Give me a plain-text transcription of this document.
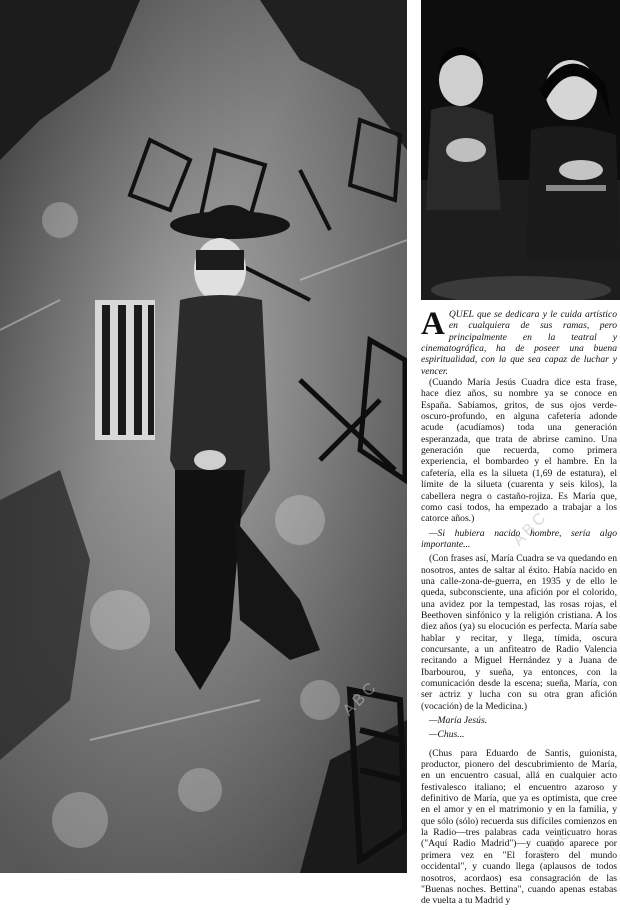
ABC
ABC
ABC
A QUEL que se dedicara y le cuida artístico en cualquiera de sus ramas, pero principalmente en la teatral y cinematográfica, ha de poseer una buena espiritualidad, con la que sea capaz de luchar y vencer.

(Cuando María Jesús Cuadra dice esta frase, hace diez años, su nombre ya se conoce en España. Sabíamos, gritos, de sus ojos verde-oscuro-profundo, en alguna cafetería adonde acude (acudíamos) toda una generación esperanzada, que trata de abrirse camino. Una generación que recuerda, como primera experiencia, el bombardeo y el hambre. En la cafetería, ella es la silueta (1,69 de estatura), el límite de la silueta (cuarenta y seis kilos), la cabellera negra o castaño-rojiza. Es María que, como casi todos, ha empezado a trabajar a los catorce años.)

—Si hubiera nacido hombre, sería algo importante...

(Con frases así, María Cuadra se va quedando en nosotros, antes de saltar al éxito. Había nacido en una calle-zona-de-guerra, en 1935 y de ello le queda, subconsciente, una afición por el colorido, una avidez por la tempestad, las rosas rojas, el Beethoven sinfónico y la religión cristiana. A los diez años (ya) su elocución es perfecta. María sabe hablar y recitar, y llega, tímida, oscura concursante, a un anfiteatro de Radio Valencia recitando a Miguel Hernández y a Juana de Ibarbourou, y sueña, ya entonces, con la comunicación desde la escena; sueña, María, con ser actriz y lucha con su otra gran afición (vocación) de la Medicina.)

—María Jesús.

—Chus...

(Chus para Eduardo de Santis, guionista, productor, pionero del descubrimiento de María, en un encuentro casual, allá en cualquier acto festivalesco italiano; el encuentro azaroso y definitivo de María, que ya es optimista, que cree en el amor y en el matrimonio y en la familia, y que sólo (sólo) recuerda sus difíciles comienzos en la Radio—tres palabras cada veinticuatro horas ("Aquí Radio Madrid")—y cuando aparece por primera vez en "El forastero del mundo occidental", y cuando llega (aplausos de todos nosotros, acordaos) esa consagración de las "Buenas noches. Bettina", cuando apenas estabas de vuelta a tu Madrid y
